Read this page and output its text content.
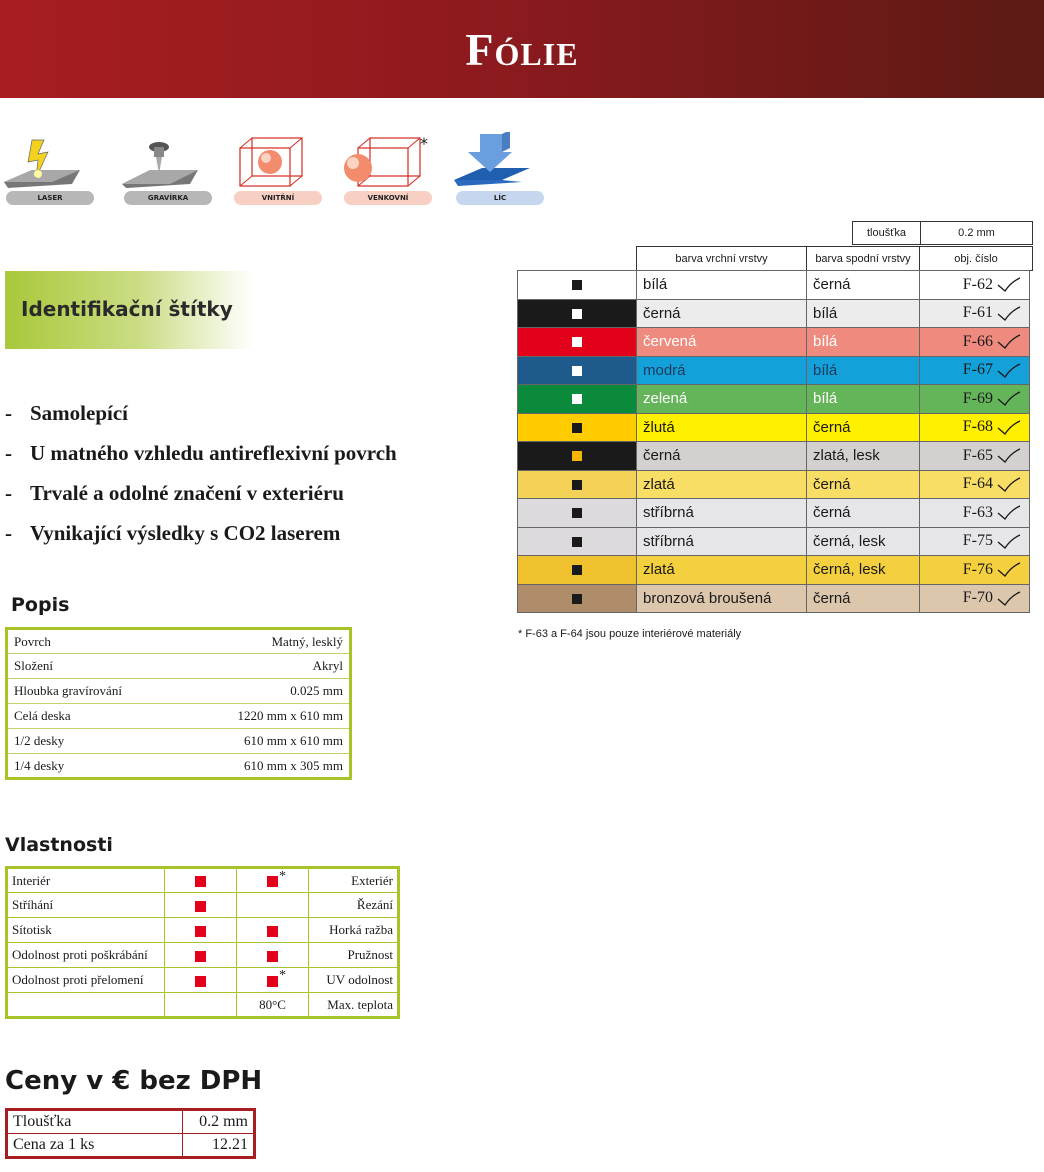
Fólie
LASER	GRAVÍRKA	VNITŘNÍ	VENKOVNÍ	LÍC
*
Identifikační štítky
- Samolepící
- U matného vzhledu antireflexivní povrch
- Trvalé a odolné značení v exteriéru
- Vynikající výsledky s CO2 laserem
Popis
Povrch	Matný, lesklý
Složení	Akryl
Hloubka gravírování	0.025 mm
Celá deska	1220 mm x 610 mm
1/2 desky	610 mm x 610 mm
1/4 desky	610 mm x 305 mm
Vlastnosti
Interiér		*	Exteriér
Stříhání			Řezání
Sítotisk			Horká ražba
Odolnost proti poškrábání			Pružnost
Odolnost proti přelomení		*	UV odolnost
		80°C	Max. teplota
Ceny v € bez DPH
Tloušťka	0.2 mm
Cena za 1 ks	12.21
tloušťka	0.2 mm
barva vrchní vrstvy	barva spodní vrstvy	obj. číslo
	bílá	černá	F-62
	černá	bílá	F-61
	červená	bílá	F-66
	modrá	bílá	F-67
	zelená	bílá	F-69
	žlutá	černá	F-68
	černá	zlatá, lesk	F-65
	zlatá	černá	F-64
	stříbrná	černá	F-63
	stříbrná	černá, lesk	F-75
	zlatá	černá, lesk	F-76
	bronzová broušená	černá	F-70
* F-63 a F-64 jsou pouze interiérové materiály
